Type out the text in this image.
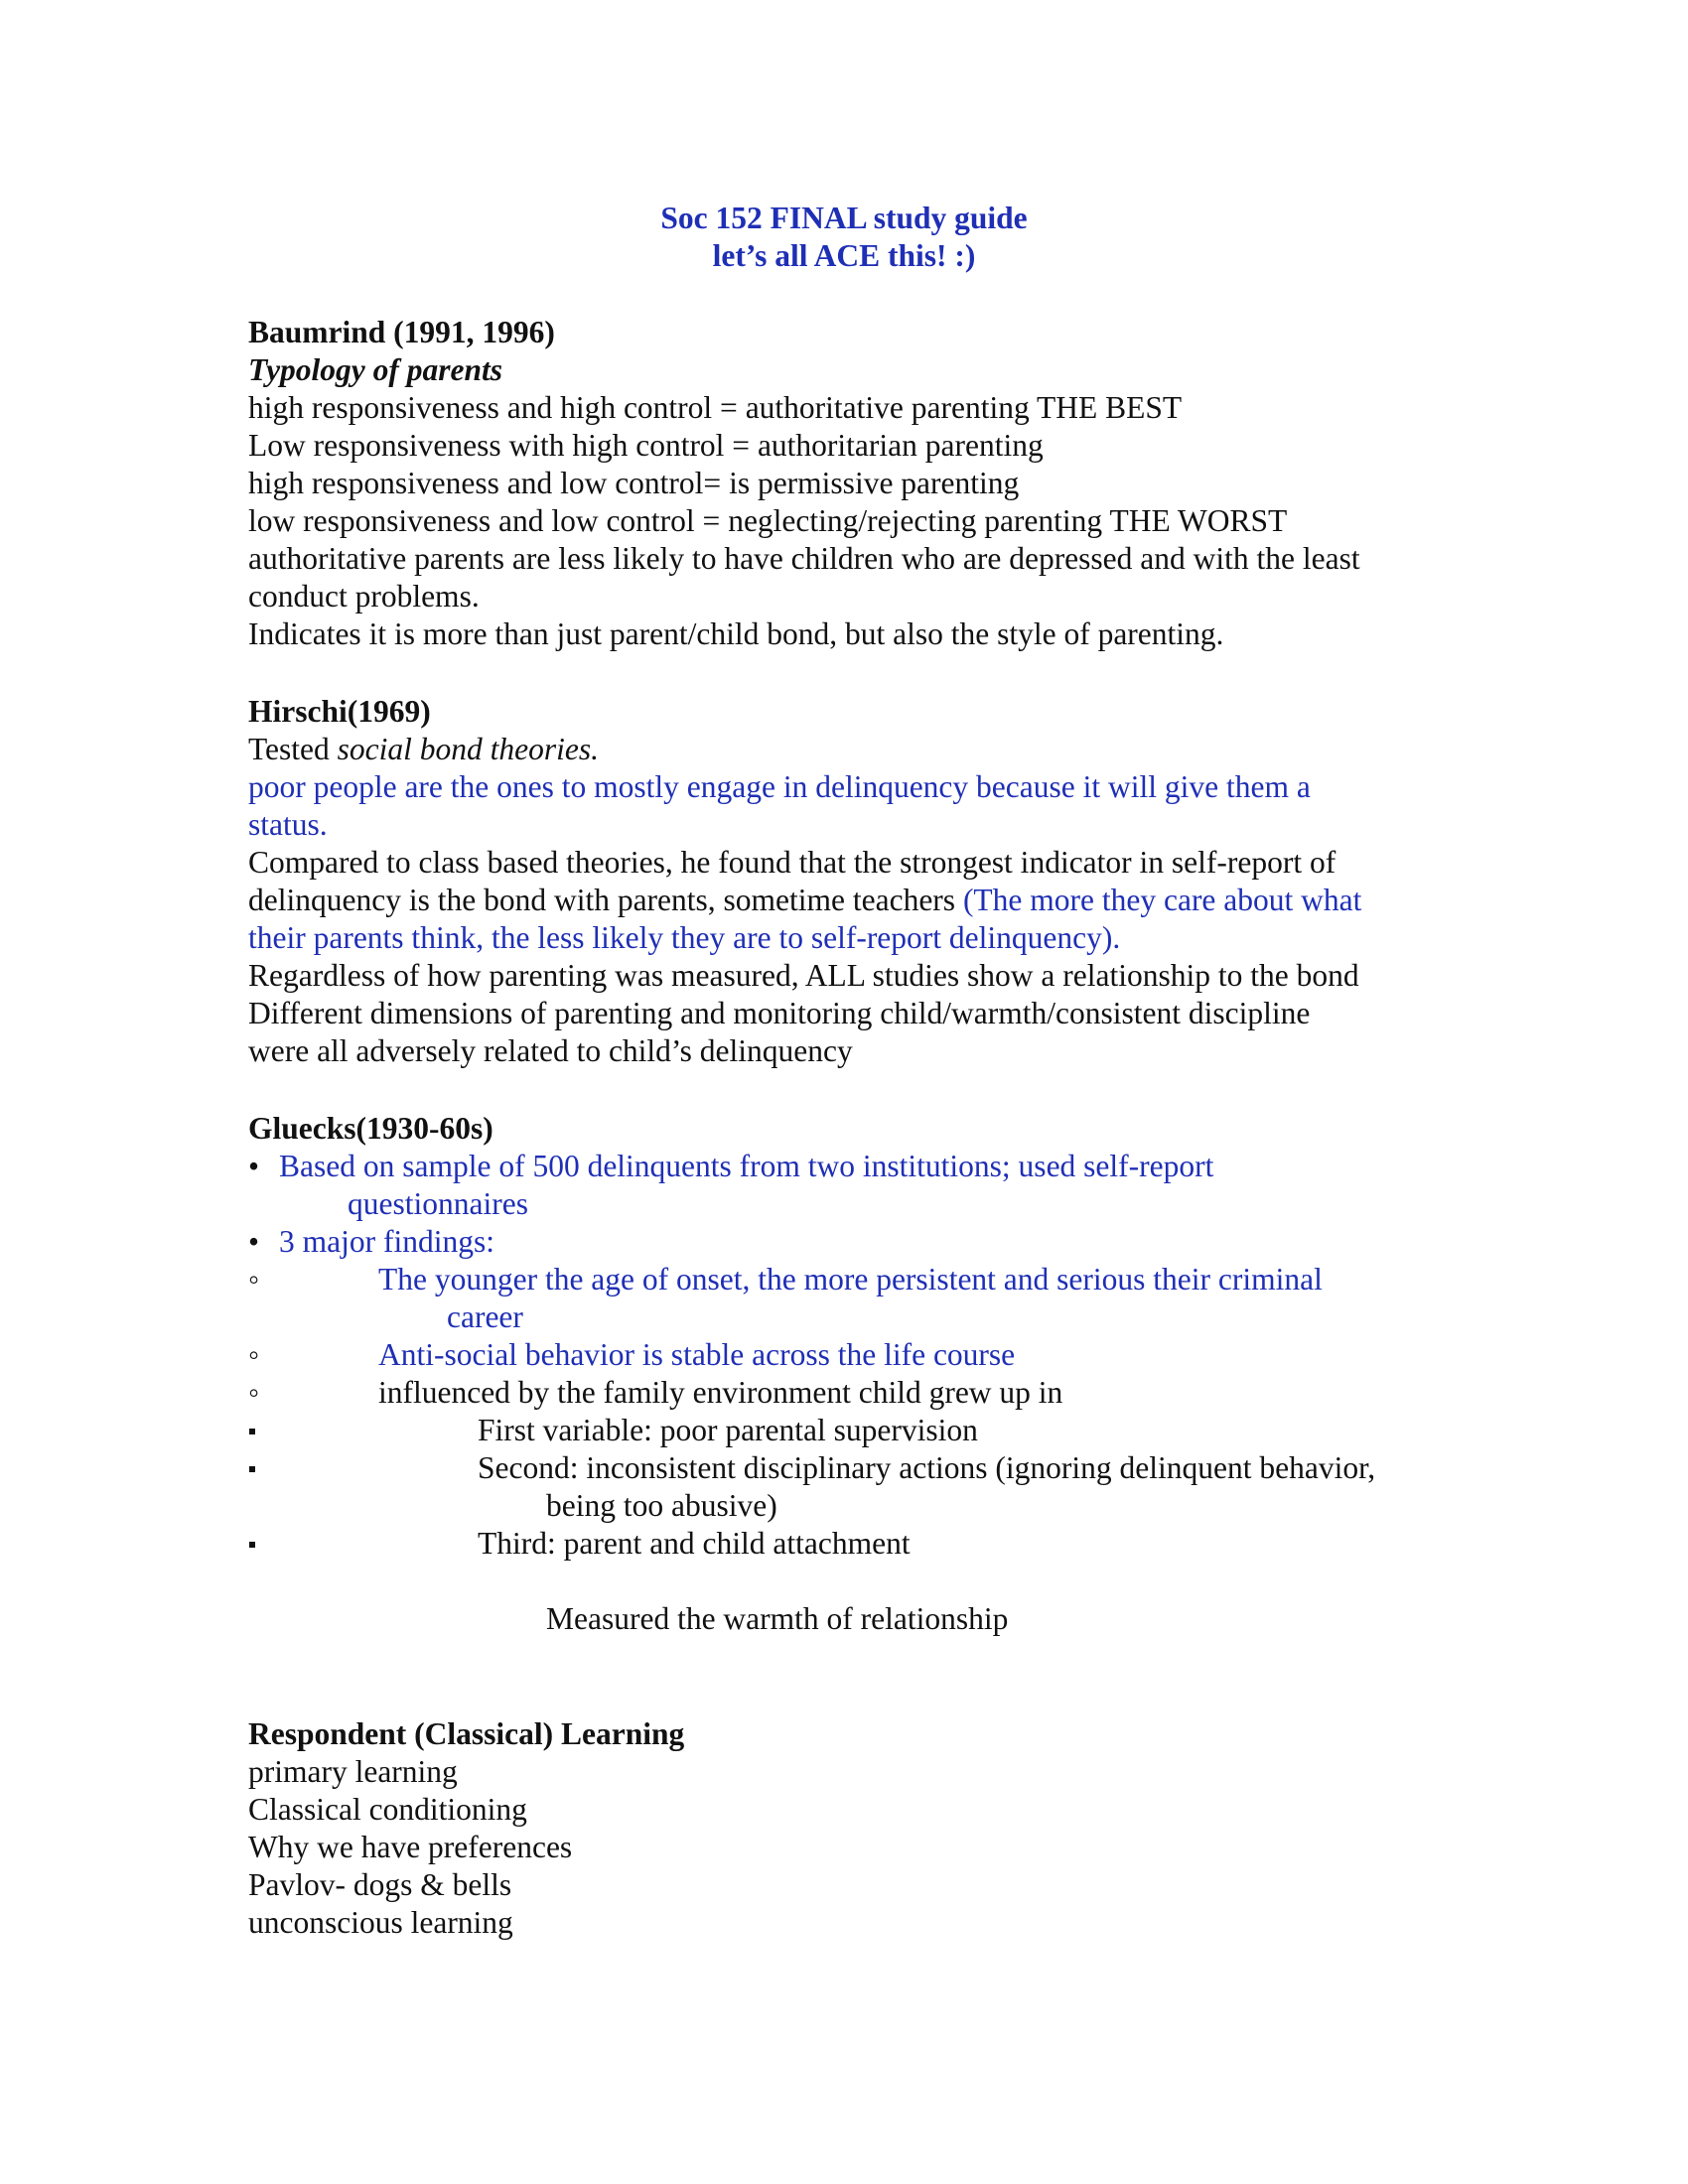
Soc 152 FINAL study guide
let’s all ACE this! :)
Baumrind (1991, 1996)
Typology of parents
high responsiveness and high control = authoritative parenting THE BEST
Low responsiveness with high control = authoritarian parenting
high responsiveness and low control= is permissive parenting
low responsiveness and low control = neglecting/rejecting parenting THE WORST
authoritative parents are less likely to have children who are depressed and with the least
conduct problems.
Indicates it is more than just parent/child bond, but also the style of parenting.
Hirschi(1969)
Tested social bond theories.
poor people are the ones to mostly engage in delinquency because it will give them a
status.
Compared to class based theories, he found that the strongest indicator in self-report of
delinquency is the bond with parents, sometime teachers (The more they care about what
their parents think, the less likely they are to self-report delinquency).
Regardless of how parenting was measured, ALL studies show a relationship to the bond
Different dimensions of parenting and monitoring child/warmth/consistent discipline
were all adversely related to child’s delinquency
Gluecks(1930-60s)
• Based on sample of 500 delinquents from two institutions; used self-report
questionnaires
• 3 major findings:
◦	The younger the age of onset, the more persistent and serious their criminal
career
◦	Anti-social behavior is stable across the life course
◦	influenced by the family environment child grew up in
First variable: poor parental supervision
Second: inconsistent disciplinary actions (ignoring delinquent behavior,
being too abusive)
Third: parent and child attachment
Measured the warmth of relationship
Respondent (Classical) Learning
primary learning
Classical conditioning
Why we have preferences
Pavlov- dogs & bells
unconscious learning
